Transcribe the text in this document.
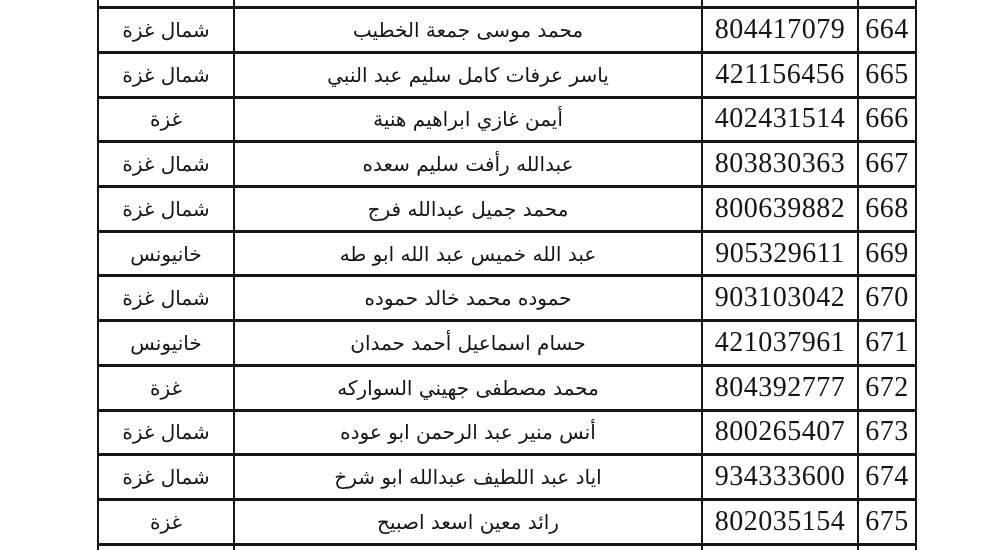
664	804417079	محمد موسى جمعة الخطيب	شمال غزة
665	421156456	ياسر عرفات كامل سليم عبد النبي	شمال غزة
666	402431514	أيمن غازي ابراهيم هنية	غزة
667	803830363	عبدالله رأفت سليم سعده	شمال غزة
668	800639882	محمد جميل عبدالله فرج	شمال غزة
669	905329611	عبد الله خميس عبد الله ابو طه	خانيونس
670	903103042	حموده محمد خالد حموده	شمال غزة
671	421037961	حسام اسماعيل أحمد حمدان	خانيونس
672	804392777	محمد مصطفى جهيني السواركه	غزة
673	800265407	أنس منير عبد الرحمن ابو عوده	شمال غزة
674	934333600	اياد عبد اللطيف عبدالله ابو شرخ	شمال غزة
675	802035154	رائد معين اسعد اصبيح	غزة
